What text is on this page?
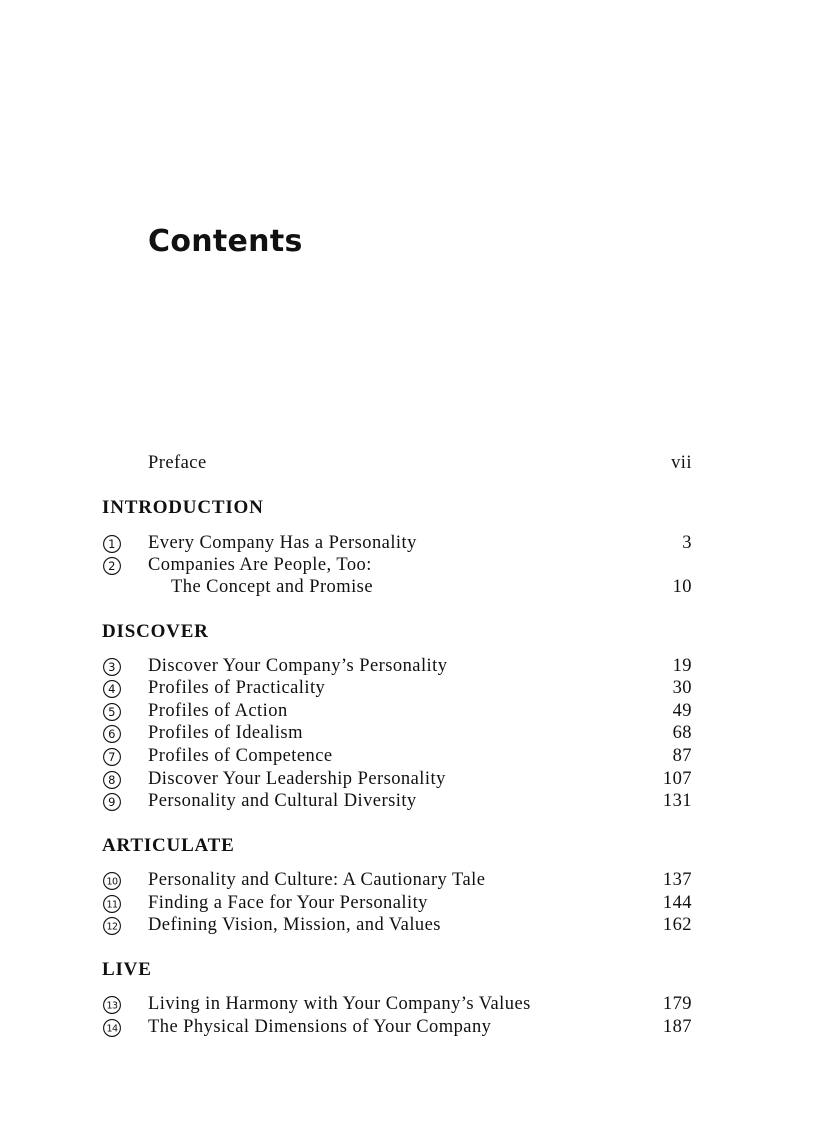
Contents
Preface	vii
INTRODUCTION
1 Every Company Has a Personality	3
2 Companies Are People, Too:
The Concept and Promise	10
DISCOVER
3 Discover Your Company’s Personality	19
4 Profiles of Practicality	30
5 Profiles of Action	49
6 Profiles of Idealism	68
7 Profiles of Competence	87
8 Discover Your Leadership Personality	107
9 Personality and Cultural Diversity	131
ARTICULATE
10 Personality and Culture: A Cautionary Tale	137
11 Finding a Face for Your Personality	144
12 Defining Vision, Mission, and Values	162
LIVE
13 Living in Harmony with Your Company’s Values	179
14 The Physical Dimensions of Your Company	187
